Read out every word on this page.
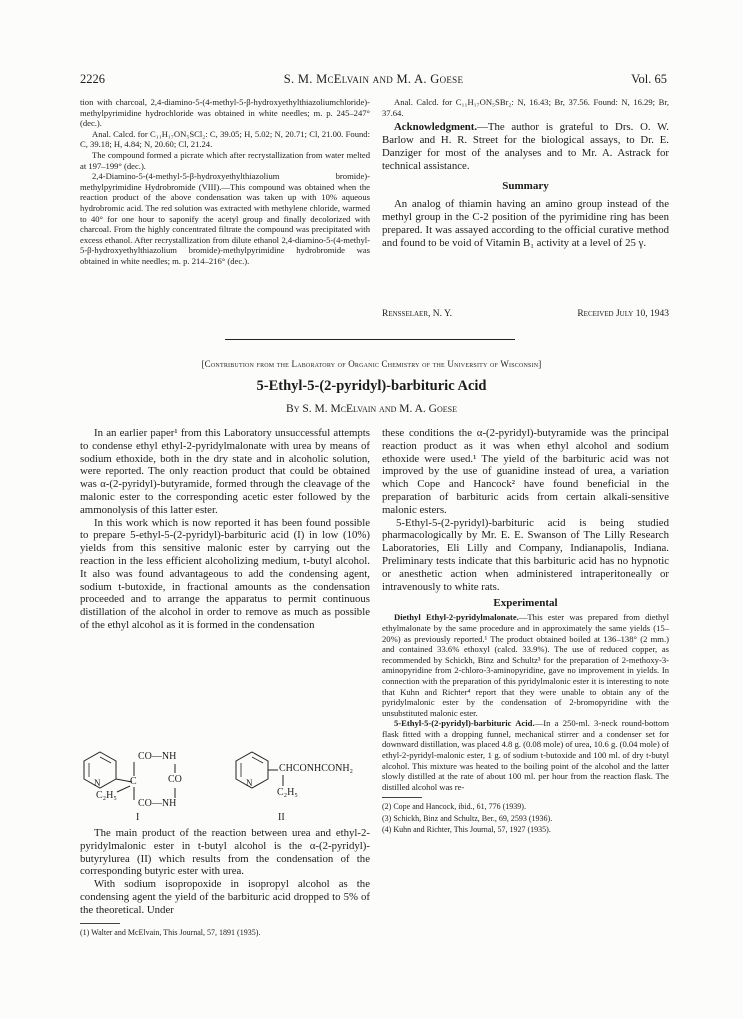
2226	S. M. McElvain and M. A. Goese	Vol. 65

tion with charcoal, 2,4-diamino-5-(4-methyl-5-β-hydroxyethylthiazoliumchloride)-methylpyrimidine hydrochloride was obtained in white needles; m. p. 245–247° (dec.).

Anal. Calcd. for C₁₁H₁₇ON₅SCl₂: C, 39.05; H, 5.02; N, 20.71; Cl, 21.00. Found: C, 39.18; H, 4.84; N, 20.60; Cl, 21.24.

The compound formed a picrate which after recrystallization from water melted at 197–199° (dec.).

2,4-Diamino-5-(4-methyl-5-β-hydroxyethylthiazolium bromide)-methylpyrimidine Hydrobromide (VIII).—This compound was obtained when the reaction product of the above condensation was taken up with 10% aqueous hydrobromic acid. The red solution was extracted with methylene chloride, warmed to 40° for one hour to saponify the acetyl group and finally decolorized with charcoal. From the highly concentrated filtrate the compound was precipitated with excess ethanol. After recrystallization from dilute ethanol 2,4-diamino-5-(4-methyl-5-β-hydroxyethylthiazolium bromide)-methylpyrimidine hydrobromide was obtained in white needles; m. p. 214–216° (dec.).

Anal. Calcd. for C₁₁H₁₇ON₅SBr₂: N, 16.43; Br, 37.56. Found: N, 16.29; Br, 37.64.

Acknowledgment.—The author is grateful to Drs. O. W. Barlow and H. R. Street for the biological assays, to Dr. E. Danziger for most of the analyses and to Mr. A. Astrack for technical assistance.

Summary

An analog of thiamin having an amino group instead of the methyl group in the C-2 position of the pyrimidine ring has been prepared. It was assayed according to the official curative method and found to be void of Vitamin B₁ activity at a level of 25 γ.

Rensselaer, N. Y.	Received July 10, 1943
[Contribution from the Laboratory of Organic Chemistry of the University of Wisconsin]
5-Ethyl-5-(2-pyridyl)-barbituric Acid
By S. M. McElvain and M. A. Goese

In an earlier paper¹ from this Laboratory unsuccessful attempts to condense ethyl ethyl-2-pyridylmalonate with urea by means of sodium ethoxide, both in the dry state and in alcoholic solution, were reported. The only reaction product that could be obtained was α-(2-pyridyl)-butyramide, formed through the cleavage of the malonic ester to the corresponding acetic ester followed by the ammonolysis of this latter ester.

In this work which is now reported it has been found possible to prepare 5-ethyl-5-(2-pyridyl)-barbituric acid (I) in low (10%) yields from this sensitive malonic ester by carrying out the reaction in the less efficient alcoholizing medium, t-butyl alcohol. It also was found advantageous to add the condensing agent, sodium t-butoxide, in fractional amounts as the condensation proceeded and to arrange the apparatus to permit continuous distillation of the alcohol in order to remove as much as possible of the ethyl alcohol as it is formed in the condensation

N	N
CO—NH
C	CO
C₂H₅
CO—NH
CHCONHCONH₂
C₂H₅
I	II

The main product of the reaction between urea and ethyl-2-pyridylmalonic ester in t-butyl alcohol is the α-(2-pyridyl)-butyrylurea (II) which results from the condensation of the corresponding butyric ester with urea.

With sodium isopropoxide in isopropyl alcohol as the condensing agent the yield of the barbituric acid dropped to 5% of the theoretical. Under

(1) Walter and McElvain, This Journal, 57, 1891 (1935).

these conditions the α-(2-pyridyl)-butyramide was the principal reaction product as it was when ethyl alcohol and sodium ethoxide were used.¹ The yield of the barbituric acid was not improved by the use of guanidine instead of urea, a variation which Cope and Hancock² have found beneficial in the preparation of barbituric acids from certain alkali-sensitive malonic esters.

5-Ethyl-5-(2-pyridyl)-barbituric acid is being studied pharmacologically by Mr. E. E. Swanson of The Lilly Research Laboratories, Eli Lilly and Company, Indianapolis, Indiana. Preliminary tests indicate that this barbituric acid has no hypnotic or anesthetic action when administered intraperitoneally or intravenously to white rats.

Experimental

Diethyl Ethyl-2-pyridylmalonate.—This ester was prepared from diethyl ethylmalonate by the same procedure and in approximately the same yields (15–20%) as previously reported.¹ The product obtained boiled at 136–138° (2 mm.) and contained 33.6% ethoxyl (calcd. 33.9%). The use of reduced copper, as recommended by Schickh, Binz and Schultz³ for the preparation of 2-methoxy-3-aminopyridine from 2-chloro-3-aminopyridine, gave no improvement in yields. In connection with the preparation of this pyridylmalonic ester it is interesting to note that Kuhn and Richter⁴ report that they were unable to obtain any of the pyridylmalonic ester by the condensation of 2-bromopyridine with the unsubstituted malonic ester.

5-Ethyl-5-(2-pyridyl)-barbituric Acid.—In a 250-ml. 3-neck round-bottom flask fitted with a dropping funnel, mechanical stirrer and a condenser set for downward distillation, was placed 4.8 g. (0.08 mole) of urea, 10.6 g. (0.04 mole) of ethyl-2-pyridyl-malonic ester, 1 g. of sodium t-butoxide and 100 ml. of dry t-butyl alcohol. This mixture was heated to the boiling point of the alcohol and the latter slowly distilled at the rate of about 100 ml. per hour from the reaction flask. The distilled alcohol was re-

(2) Cope and Hancock, ibid., 61, 776 (1939).

(3) Schickh, Binz and Schultz, Ber., 69, 2593 (1936).

(4) Kuhn and Richter, This Journal, 57, 1927 (1935).
